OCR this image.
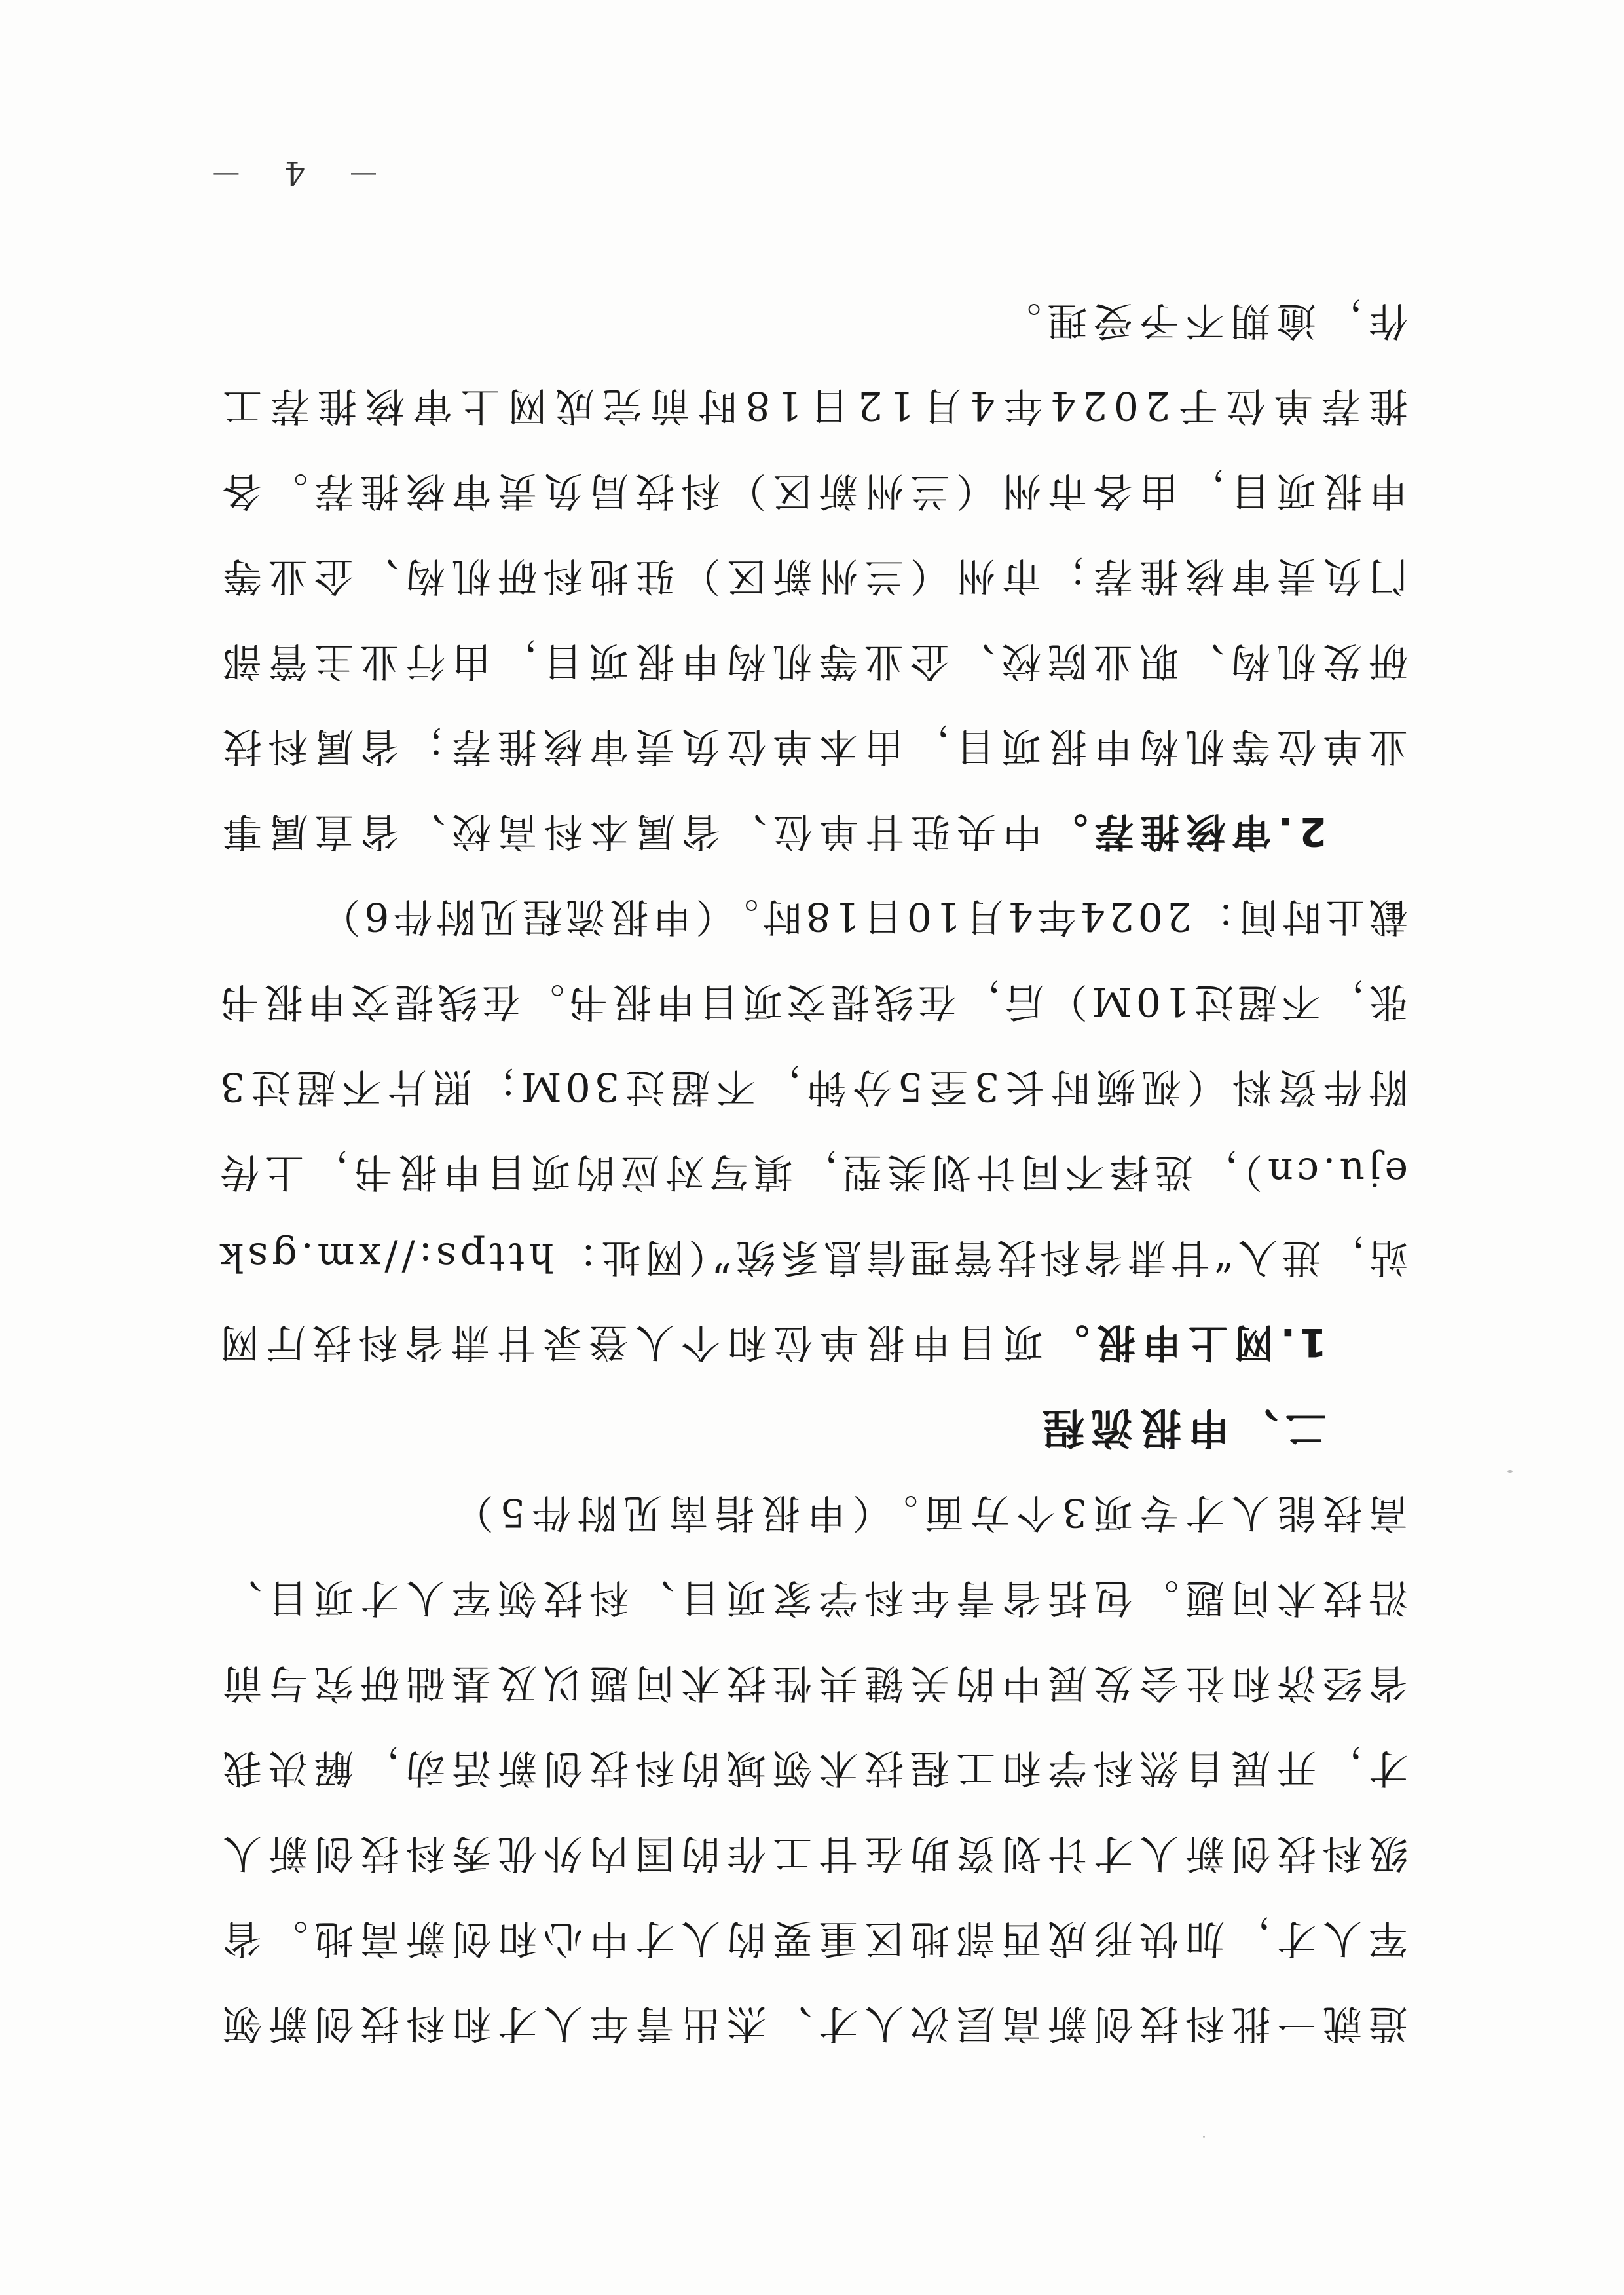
造就一批科技创新高层次人才、杰出青年人才和科技创新领军人才，加快形成西部地区重要的人才中心和创新高地。省级科技创新人才计划资助在甘工作的国内外优秀科技创新人才，开展自然科学和工程技术领域的科技创新活动，解决我省经济和社会发展中的关键共性技术问题以及基础研究与前沿技术问题。包括省青年科学家项目、科技领军人才项目、高技能人才专项3个方面。（申报指南见附件5）

二、申报流程

1.网上申报。项目申报单位和个人登录甘肃省科技厅网站，进入“甘肃省科技管理信息系统”（网址：https://xm.gskeju.cn），选择不同计划类型，填写对应的项目申报书，上传附件资料（视频时长3至5分钟，不超过30M；照片不超过3张，不超过10M）后，在线提交项目申报书。在线提交申报书截止时间：2024年4月10日18时。（申报流程见附件6）

2.审核推荐。中央驻甘单位、省属本科高校、省直属事业单位等机构申报项目，由本单位负责审核推荐；省属科技研发机构、职业院校、企业等机构申报项目，由行业主管部门负责审核推荐；市州（兰州新区）驻地科研机构、企业等申报项目，由各市州（兰州新区）科技局负责审核推荐。各推荐单位于2024年4月12日18时前完成网上审核推荐工作，逾期不予受理。

－ 4 －
